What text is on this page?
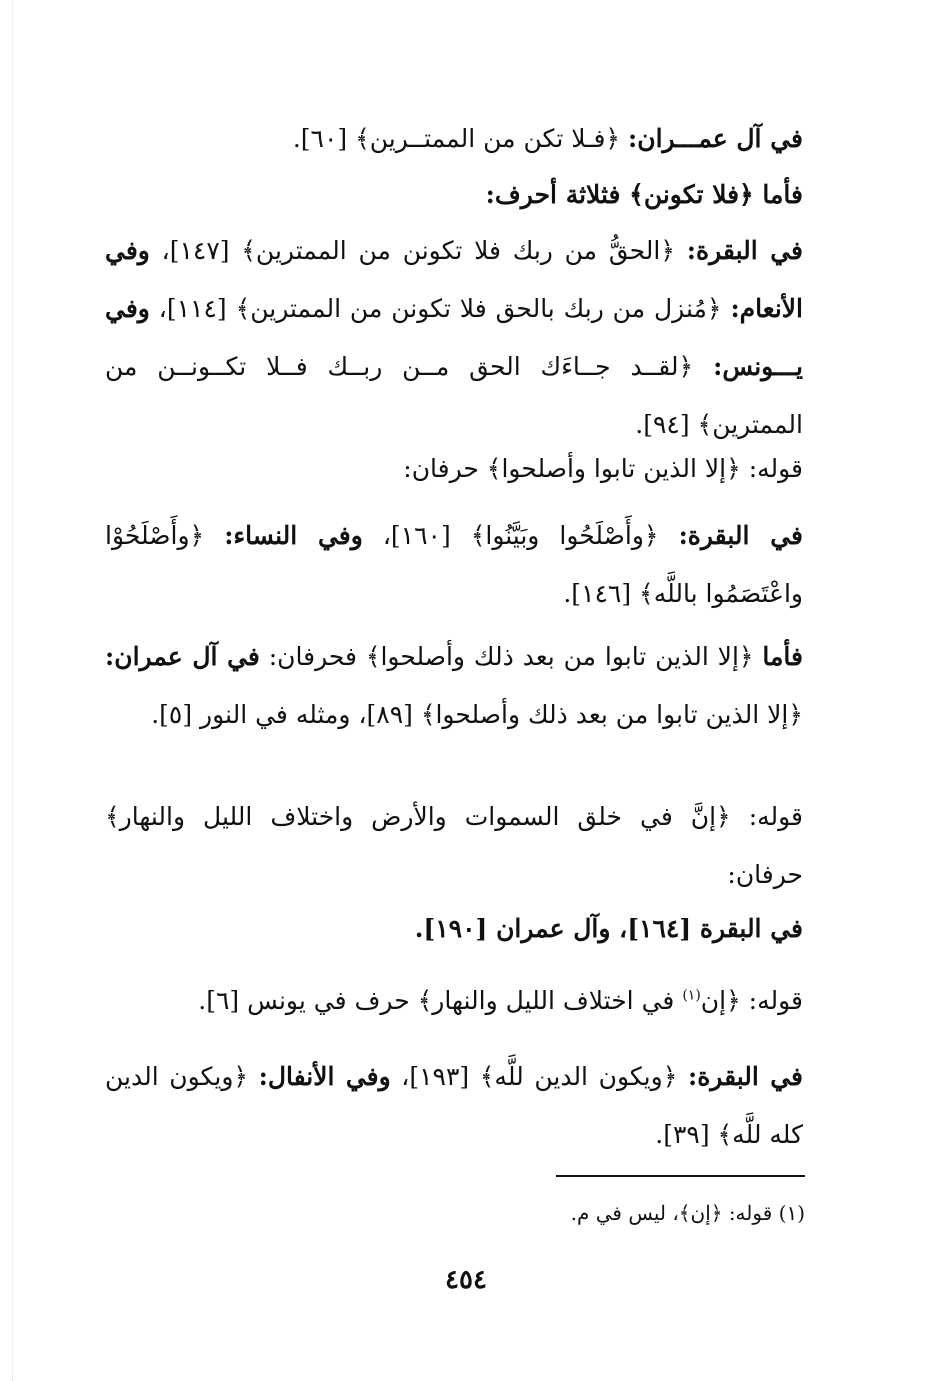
في آل عمـــران: ﴿فـلا تكن من الممتــرين﴾ [٦٠].

فأما ﴿فلا تكونن﴾ فثلاثة أحرف:

في البقرة: ﴿الحقُّ من ربك فلا تكونن من الممترين﴾ [١٤٧]، وفي الأنعام: ﴿مُنزل من ربك بالحق فلا تكونن من الممترين﴾ [١١٤]، وفي يـــونس: ﴿لقــد جــاءَك الحق مــن ربــك فــلا تكــونــن من الممترين﴾ [٩٤].

قوله: ﴿إلا الذين تابوا وأصلحوا﴾ حرفان:

في البقرة: ﴿وأَصْلَحُوا وبَيَّنُوا﴾ [١٦٠]، وفي النساء: ﴿وأَصْلَحُوْا واعْتَصَمُوا باللَّه﴾ [١٤٦].

فأما ﴿إلا الذين تابوا من بعد ذلك وأصلحوا﴾ فحرفان: في آل عمران: ﴿إلا الذين تابوا من بعد ذلك وأصلحوا﴾ [٨٩]، ومثله في النور [٥].

قوله: ﴿إنَّ في خلق السموات والأرض واختلاف الليل والنهار﴾ حرفان:

في البقرة [١٦٤]، وآل عمران [١٩٠].

قوله: ﴿إن$^{(١)}$ في اختلاف الليل والنهار﴾ حرف في يونس [٦].

في البقرة: ﴿ويكون الدين للَّه﴾ [١٩٣]، وفي الأنفال: ﴿ويكون الدين كله للَّه﴾ [٣٩].

(١) قوله: ﴿إن﴾، ليس في م.

٤٥٤
